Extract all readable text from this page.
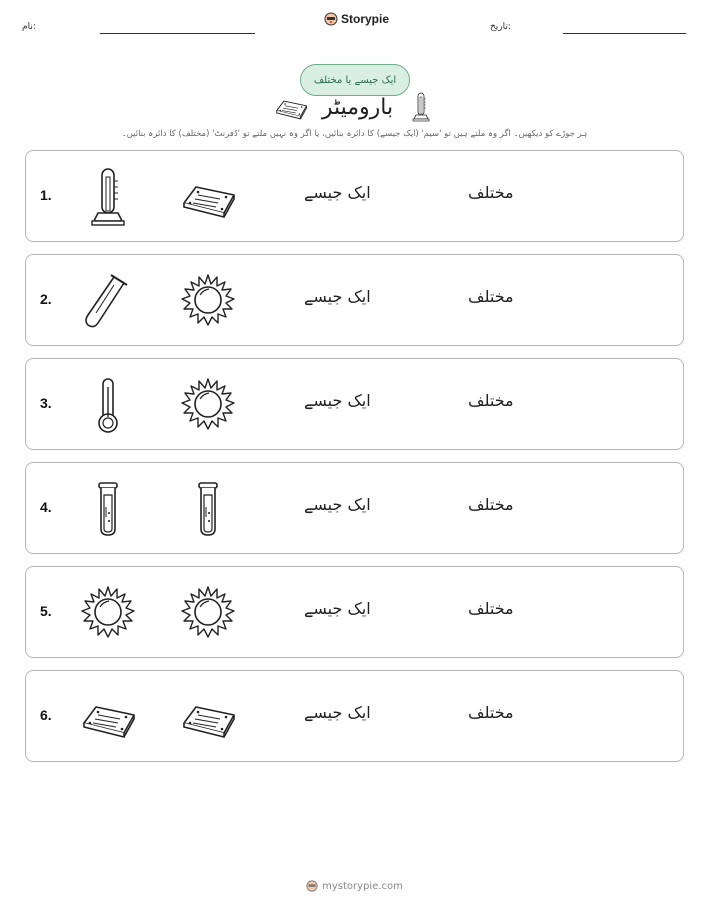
نام:
Storypie
تاریخ:
ایک جیسے یا مختلف
بارومیٹر
ہر جوڑے کو دیکھیں۔ اگر وہ ملتے ہیں تو 'سیم' (ایک جیسے) کا دائرہ بنائیں، یا اگر وہ نہیں ملتے تو 'ڈفرنٹ' (مختلف) کا دائرہ بنائیں۔
1.	ایک جیسے	مختلف
2.	ایک جیسے	مختلف
3.	ایک جیسے	مختلف
4.	ایک جیسے	مختلف
5.	ایک جیسے	مختلف
6.	ایک جیسے	مختلف
mystorypie.com
